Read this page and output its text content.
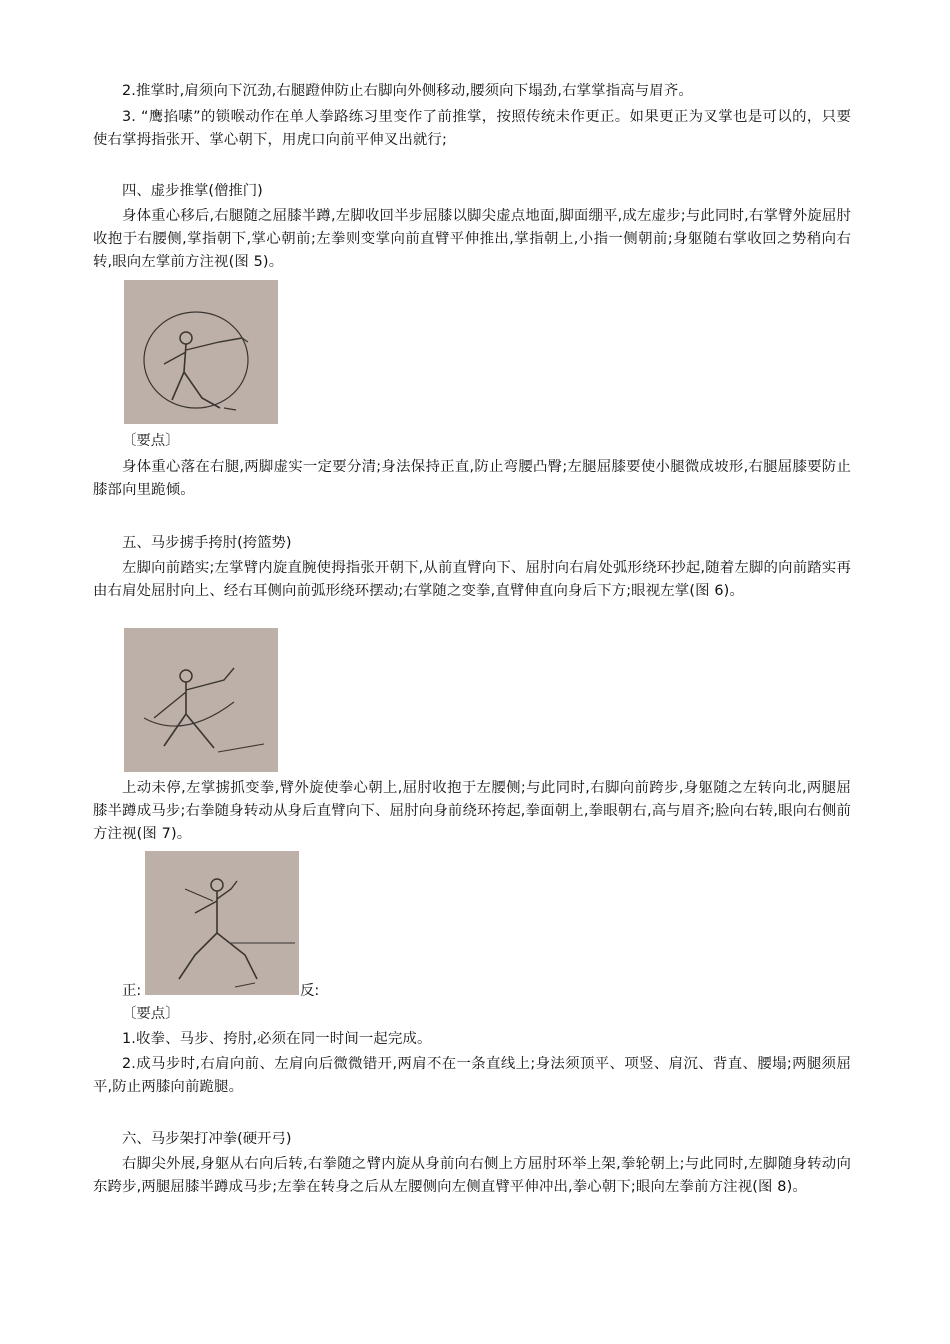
2.推掌时,肩须向下沉劲,右腿蹬伸防止右脚向外侧移动,腰须向下塌劲,右掌掌指高与眉齐。

3. “鹰掐嗉”的锁喉动作在单人拳路练习里变作了前推掌，按照传统未作更正。如果更正为叉掌也是可以的，只要使右掌拇指张开、掌心朝下，用虎口向前平伸叉出就行;

四、虚步推掌(僧推门)

身体重心移后,右腿随之屈膝半蹲,左脚收回半步屈膝以脚尖虚点地面,脚面绷平,成左虚步;与此同时,右掌臂外旋屈肘收抱于右腰侧,掌指朝下,掌心朝前;左拳则变掌向前直臂平伸推出,掌指朝上,小指一侧朝前;身躯随右掌收回之势稍向右转,眼向左掌前方注视(图 5)。

〔要点〕

身体重心落在右腿,两脚虚实一定要分清;身法保持正直,防止弯腰凸臀;左腿屈膝要使小腿微成坡形,右腿屈膝要防止膝部向里跪倾。

五、马步掳手挎肘(挎篮势)

左脚向前踏实;左掌臂内旋直腕使拇指张开朝下,从前直臂向下、屈肘向右肩处弧形绕环抄起,随着左脚的向前踏实再由右肩处屈肘向上、经右耳侧向前弧形绕环摆动;右掌随之变拳,直臂伸直向身后下方;眼视左掌(图 6)。

上动未停,左掌掳抓变拳,臂外旋使拳心朝上,屈肘收抱于左腰侧;与此同时,右脚向前跨步,身躯随之左转向北,两腿屈膝半蹲成马步;右拳随身转动从身后直臂向下、屈肘向身前绕环挎起,拳面朝上,拳眼朝右,高与眉齐;脸向右转,眼向右侧前方注视(图 7)。

正:	反:

〔要点〕

1.收拳、马步、挎肘,必须在同一时间一起完成。

2.成马步时,右肩向前、左肩向后微微错开,两肩不在一条直线上;身法须顶平、项竖、肩沉、背直、腰塌;两腿须屈平,防止两膝向前跪腿。

六、马步架打冲拳(硬开弓)

右脚尖外展,身躯从右向后转,右拳随之臂内旋从身前向右侧上方屈肘环举上架,拳轮朝上;与此同时,左脚随身转动向东跨步,两腿屈膝半蹲成马步;左拳在转身之后从左腰侧向左侧直臂平伸冲出,拳心朝下;眼向左拳前方注视(图 8)。
